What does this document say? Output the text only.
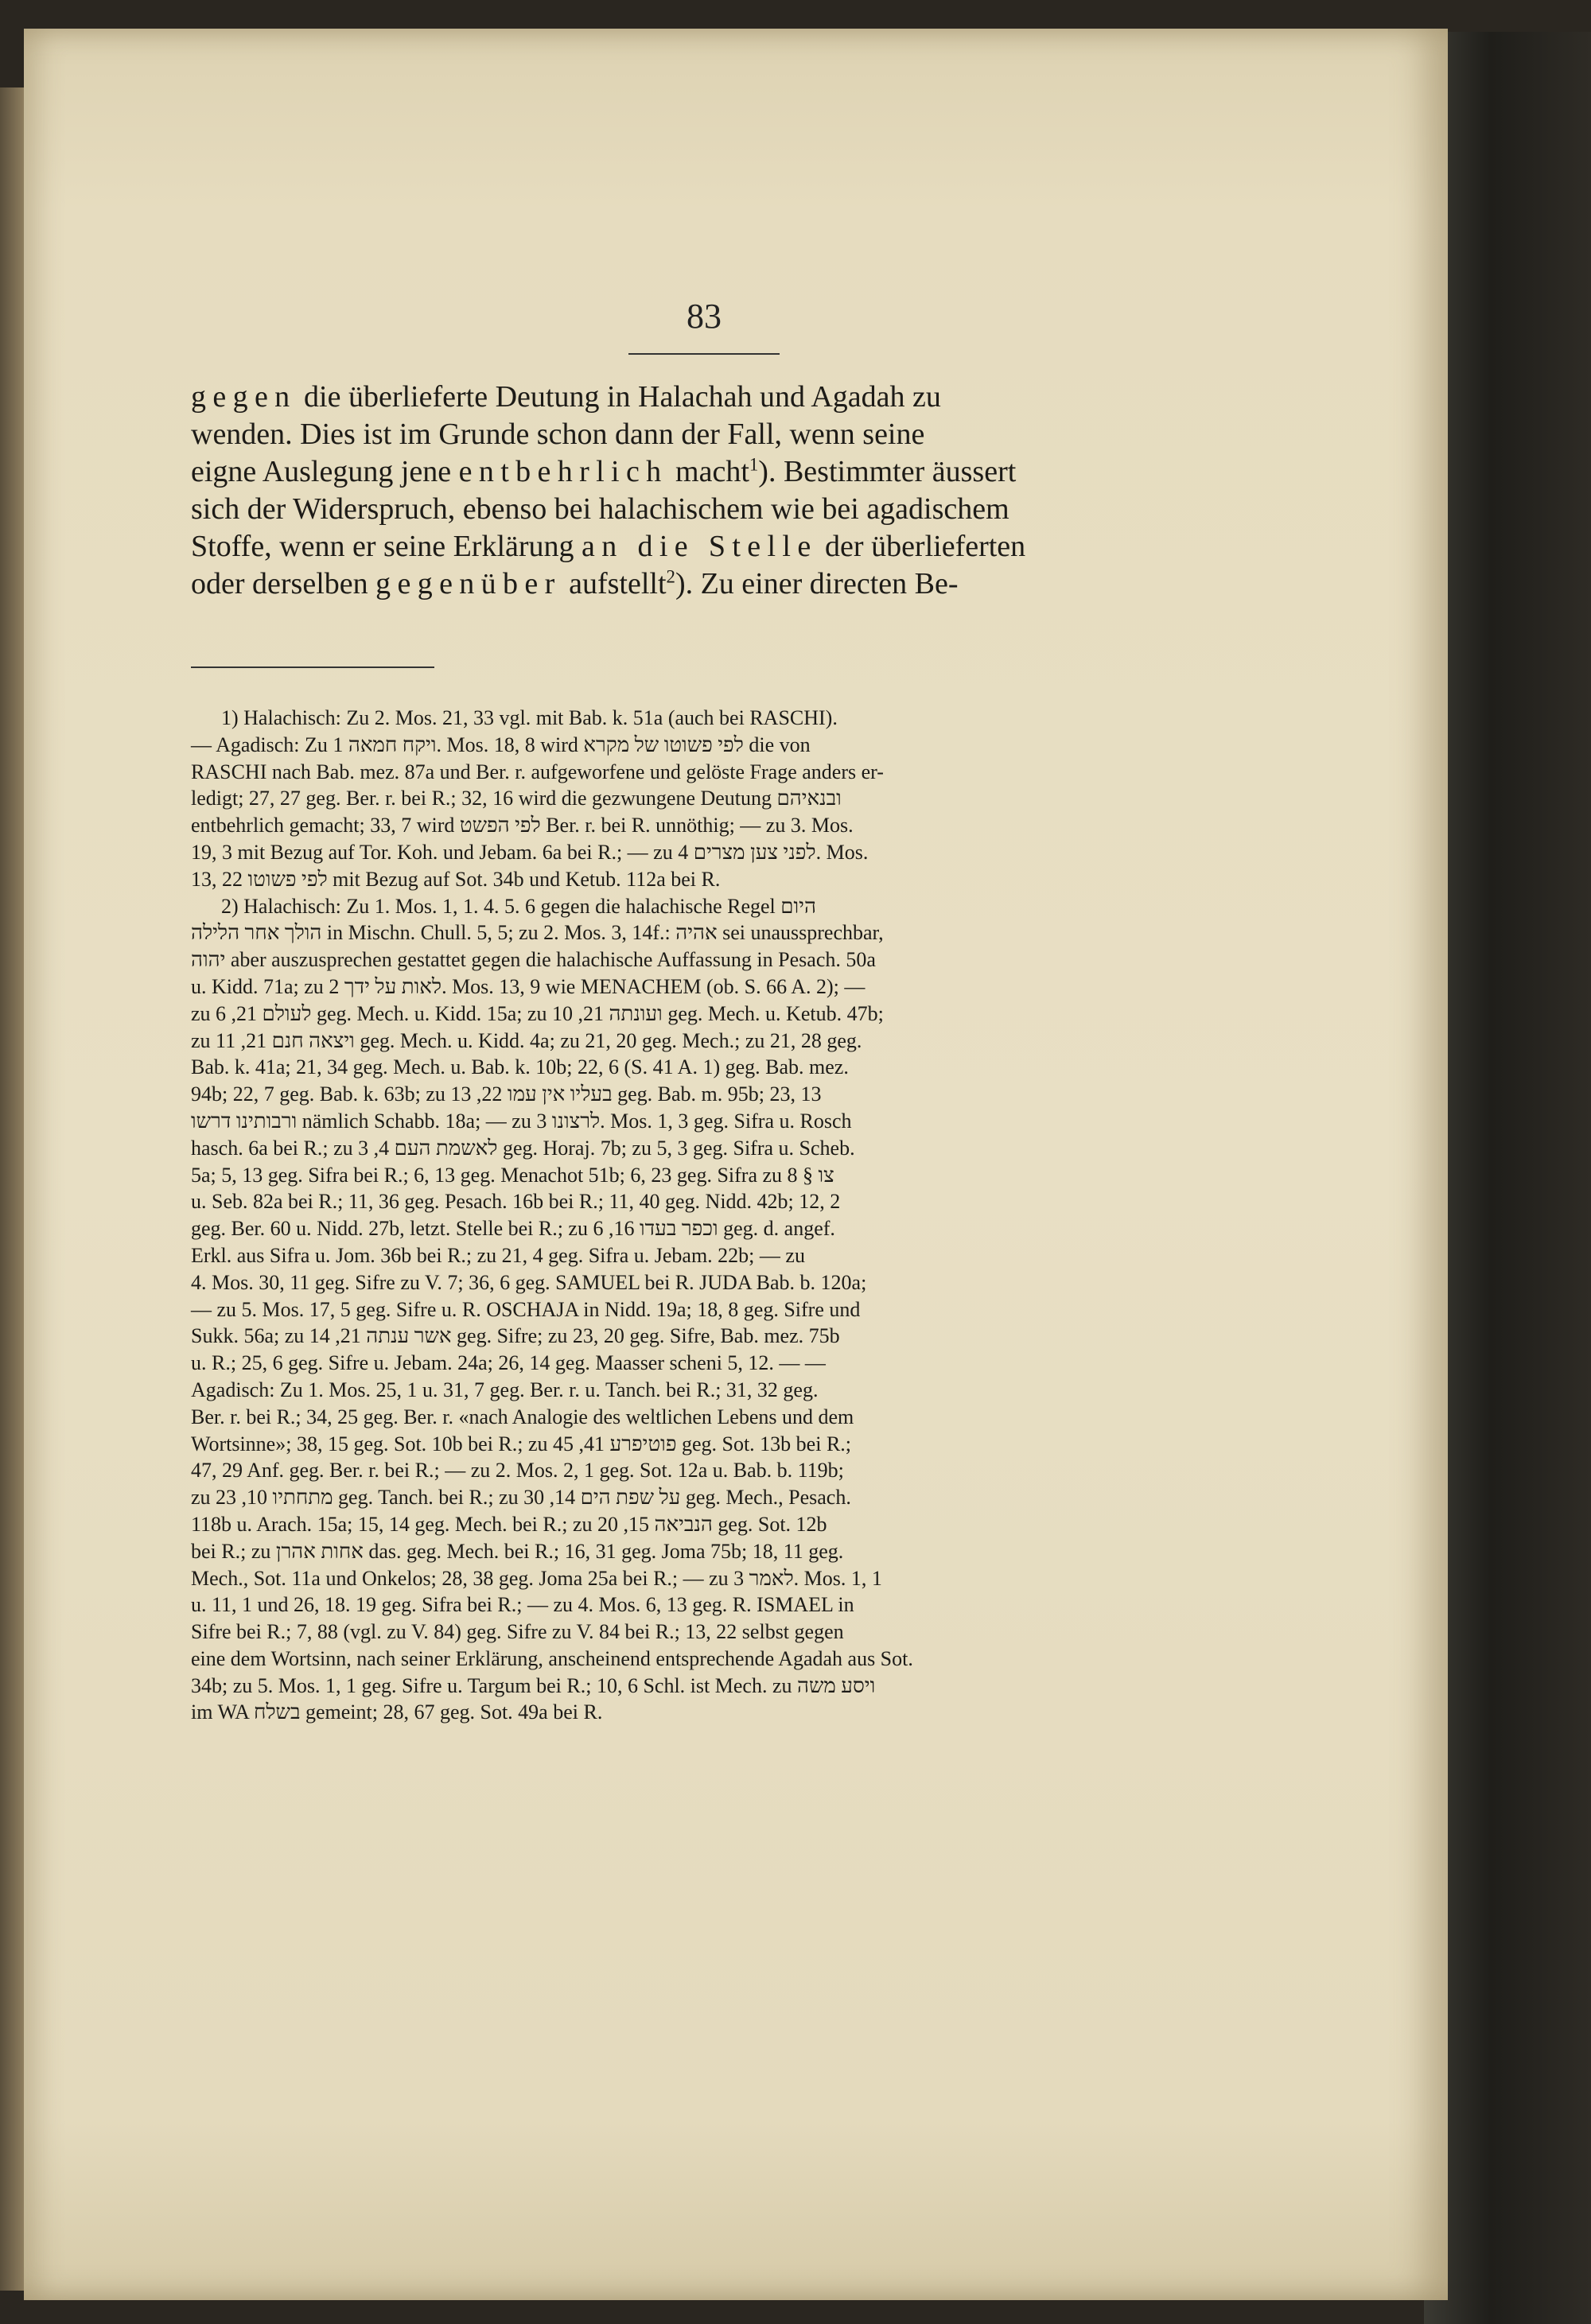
83

gegen die überlieferte Deutung in Halachah und Agadah zu

wenden. Dies ist im Grunde schon dann der Fall, wenn seine

eigne Auslegung jene entbehrlich macht$^1$). Bestimmter äussert

sich der Widerspruch, ebenso bei halachischem wie bei agadischem

Stoffe, wenn er seine Erklärung an die Stelle der überlieferten

oder derselben gegenüber aufstellt$^2$). Zu einer directen Be-

1) Halachisch: Zu 2. Mos. 21, 33 vgl. mit Bab. k. 51a (auch bei RASCHI).

— Agadisch: Zu ויקח חמאה 1. Mos. 18, 8 wird לפי פשוטו של מקרא die von

RASCHI nach Bab. mez. 87a und Ber. r. aufgeworfene und gelöste Frage anders er-

ledigt; 27, 27 geg. Ber. r. bei R.; 32, 16 wird die gezwungene Deutung ובנאיהם

entbehrlich gemacht; 33, 7 wird לפי הפשט Ber. r. bei R. unnöthig; — zu 3. Mos.

19, 3 mit Bezug auf Tor. Koh. und Jebam. 6a bei R.; — zu לפני צען מצרים 4. Mos.

13, 22 לפי פשוטו mit Bezug auf Sot. 34b und Ketub. 112a bei R.

2) Halachisch: Zu 1. Mos. 1, 1. 4. 5. 6 gegen die halachische Regel היום

הולך אחר הלילה in Mischn. Chull. 5, 5; zu 2. Mos. 3, 14f.: אהיה sei unaussprechbar,

יהוה aber auszusprechen gestattet gegen die halachische Auffassung in Pesach. 50a

u. Kidd. 71a; zu לאות על ידך 2. Mos. 13, 9 wie MENACHEM (ob. S. 66 A. 2); —

zu לעולם 21, 6 geg. Mech. u. Kidd. 15a; zu ועונתה 21, 10 geg. Mech. u. Ketub. 47b;

zu ויצאה חנם 21, 11 geg. Mech. u. Kidd. 4a; zu 21, 20 geg. Mech.; zu 21, 28 geg.

Bab. k. 41a; 21, 34 geg. Mech. u. Bab. k. 10b; 22, 6 (S. 41 A. 1) geg. Bab. mez.

94b; 22, 7 geg. Bab. k. 63b; zu בעליו אין עמו 22, 13 geg. Bab. m. 95b; 23, 13

ורבותינו דרשו nämlich Schabb. 18a; — zu לרצונו 3. Mos. 1, 3 geg. Sifra u. Rosch

hasch. 6a bei R.; zu לאשמת העם 4, 3 geg. Horaj. 7b; zu 5, 3 geg. Sifra u. Scheb.

5a; 5, 13 geg. Sifra bei R.; 6, 13 geg. Menachot 51b; 6, 23 geg. Sifra zu צו § 8

u. Seb. 82a bei R.; 11, 36 geg. Pesach. 16b bei R.; 11, 40 geg. Nidd. 42b; 12, 2

geg. Ber. 60 u. Nidd. 27b, letzt. Stelle bei R.; zu וכפר בעדו 16, 6 geg. d. angef.

Erkl. aus Sifra u. Jom. 36b bei R.; zu 21, 4 geg. Sifra u. Jebam. 22b; — zu

4. Mos. 30, 11 geg. Sifre zu V. 7; 36, 6 geg. SAMUEL bei R. JUDA Bab. b. 120a;

— zu 5. Mos. 17, 5 geg. Sifre u. R. OSCHAJA in Nidd. 19a; 18, 8 geg. Sifre und

Sukk. 56a; zu אשר ענתה 21, 14 geg. Sifre; zu 23, 20 geg. Sifre, Bab. mez. 75b

u. R.; 25, 6 geg. Sifre u. Jebam. 24a; 26, 14 geg. Maasser scheni 5, 12. — —

Agadisch: Zu 1. Mos. 25, 1 u. 31, 7 geg. Ber. r. u. Tanch. bei R.; 31, 32 geg.

Ber. r. bei R.; 34, 25 geg. Ber. r. «nach Analogie des weltlichen Lebens und dem

Wortsinne»; 38, 15 geg. Sot. 10b bei R.; zu פוטיפרע 41, 45 geg. Sot. 13b bei R.;

47, 29 Anf. geg. Ber. r. bei R.; — zu 2. Mos. 2, 1 geg. Sot. 12a u. Bab. b. 119b;

zu מתחתיו 10, 23 geg. Tanch. bei R.; zu על שפת הים 14, 30 geg. Mech., Pesach.

118b u. Arach. 15a; 15, 14 geg. Mech. bei R.; zu הנביאה 15, 20 geg. Sot. 12b

bei R.; zu אחות אהרן das. geg. Mech. bei R.; 16, 31 geg. Joma 75b; 18, 11 geg.

Mech., Sot. 11a und Onkelos; 28, 38 geg. Joma 25a bei R.; — zu לאמר 3. Mos. 1, 1

u. 11, 1 und 26, 18. 19 geg. Sifra bei R.; — zu 4. Mos. 6, 13 geg. R. ISMAEL in

Sifre bei R.; 7, 88 (vgl. zu V. 84) geg. Sifre zu V. 84 bei R.; 13, 22 selbst gegen

eine dem Wortsinn, nach seiner Erklärung, anscheinend entsprechende Agadah aus Sot.

34b; zu 5. Mos. 1, 1 geg. Sifre u. Targum bei R.; 10, 6 Schl. ist Mech. zu ויסע משה

im WA בשלח gemeint; 28, 67 geg. Sot. 49a bei R.
